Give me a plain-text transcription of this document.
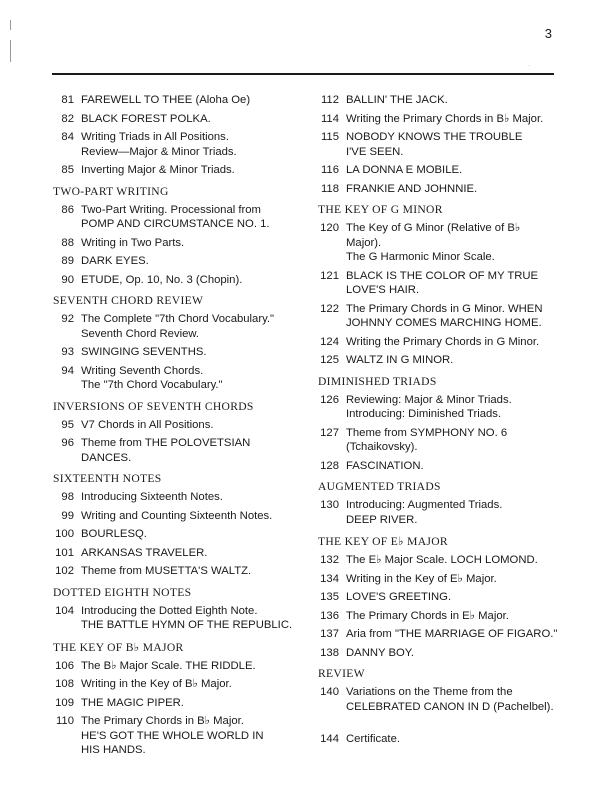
3
·
81 FAREWELL TO THEE (Aloha Oe)
82 BLACK FOREST POLKA.
84 Writing Triads in All Positions.
Review—Major & Minor Triads.
85 Inverting Major & Minor Triads.
TWO-PART WRITING
86 Two-Part Writing. Processional from
POMP AND CIRCUMSTANCE NO. 1.
88 Writing in Two Parts.
89 DARK EYES.
90 ETUDE, Op. 10, No. 3 (Chopin).
SEVENTH CHORD REVIEW
92 The Complete "7th Chord Vocabulary."
Seventh Chord Review.
93 SWINGING SEVENTHS.
94 Writing Seventh Chords.
The "7th Chord Vocabulary."
INVERSIONS OF SEVENTH CHORDS
95 V7 Chords in All Positions.
96 Theme from THE POLOVETSIAN
DANCES.
SIXTEENTH NOTES
98 Introducing Sixteenth Notes.
99 Writing and Counting Sixteenth Notes.
100 BOURLESQ.
101 ARKANSAS TRAVELER.
102 Theme from MUSETTA'S WALTZ.
DOTTED EIGHTH NOTES
104 Introducing the Dotted Eighth Note.
THE BATTLE HYMN OF THE REPUBLIC.
THE KEY OF B♭ MAJOR
106 The B♭ Major Scale. THE RIDDLE.
108 Writing in the Key of B♭ Major.
109 THE MAGIC PIPER.
110 The Primary Chords in B♭ Major.
HE'S GOT THE WHOLE WORLD IN
HIS HANDS.
112 BALLIN' THE JACK.
114 Writing the Primary Chords in B♭ Major.
115 NOBODY KNOWS THE TROUBLE
I'VE SEEN.
116 LA DONNA E MOBILE.
118 FRANKIE AND JOHNNIE.
THE KEY OF G MINOR
120 The Key of G Minor (Relative of B♭ Major).
The G Harmonic Minor Scale.
121 BLACK IS THE COLOR OF MY TRUE
LOVE'S HAIR.
122 The Primary Chords in G Minor. WHEN
JOHNNY COMES MARCHING HOME.
124 Writing the Primary Chords in G Minor.
125 WALTZ IN G MINOR.
DIMINISHED TRIADS
126 Reviewing: Major & Minor Triads.
Introducing: Diminished Triads.
127 Theme from SYMPHONY NO. 6
(Tchaikovsky).
128 FASCINATION.
AUGMENTED TRIADS
130 Introducing: Augmented Triads.
DEEP RIVER.
THE KEY OF E♭ MAJOR
132 The E♭ Major Scale. LOCH LOMOND.
134 Writing in the Key of E♭ Major.
135 LOVE'S GREETING.
136 The Primary Chords in E♭ Major.
137 Aria from "THE MARRIAGE OF FIGARO."
138 DANNY BOY.
REVIEW
140 Variations on the Theme from the
CELEBRATED CANON IN D (Pachelbel).
144 Certificate.
